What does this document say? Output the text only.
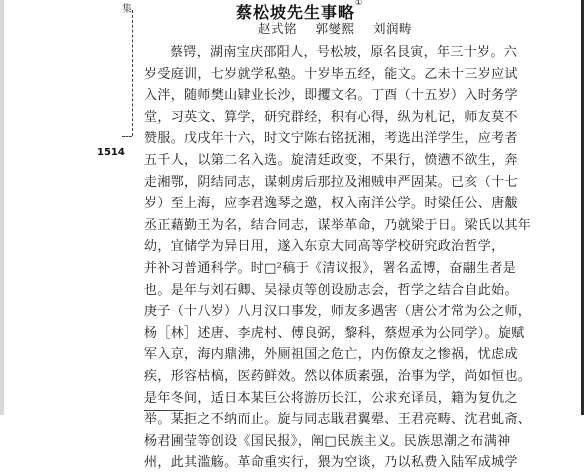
集
1514
蔡松坡先生事略①
赵式铭 郭燮熙 刘润畴
蔡锷，湖南宝庆邵阳人，号松坡，原名艮寅，年三十岁。六
岁受庭训，七岁就学私塾。十岁毕五经，能文。乙未十三岁应试
入泮，随师樊山肄业长沙，即攫文名。丁酉（十五岁）入时务学
堂，习英文、算学，研究群经，积有心得，纵为札记，师友莫不
赞服。戊戌年十六，时文宁陈右铭抚湘，考选出洋学生，应考者
五千人，以第二名入选。旋清廷政变，不果行，愤懑不欲生，奔
走湘鄂，阴结同志，谋刺虏后那拉及湘贼申严固某。已亥（十七
岁）至上海，应李君逸琴之邀，权入南洋公学。时梁任公、唐黻
丞正藉勤王为名，结合同志，谋举革命，乃就梁于日。梁氏以其年
幼，宜储学为异日用，遂入东京大同高等学校研究政治哲学，
并补习普通科学。时□²稿于《清议报》，署名孟博，奋翮生者是
也。是年与刘石卿、吴禄贞等创设励志会，哲学之结合自此始。
庚子（十八岁）八月汉口事发，师友多遇害（唐公才常为公之师，
杨［林］述唐、李虎村、傅良弼，黎科，蔡煜承为公同学）。旋赋
军入京，海内鼎沸，外厕祖国之危亡，内伤僚友之惨祸，忧虑成
疾，形容枯槁，医药鲜效。然以体质素强，治事为学，尚如恒也。
是年冬间，适日本某巨公将游历长江，公求充译员，籍为复仇之
举。某拒之不纳而止。旋与同志戢君翼翚、王君亮畴、沈君虬斋、
杨君圃莹等创设《国民报》，阐□民族主义。民族思潮之布满神
州，此其滥觞。革命重实行，猥为空谈，乃以私费入陆军成城学
